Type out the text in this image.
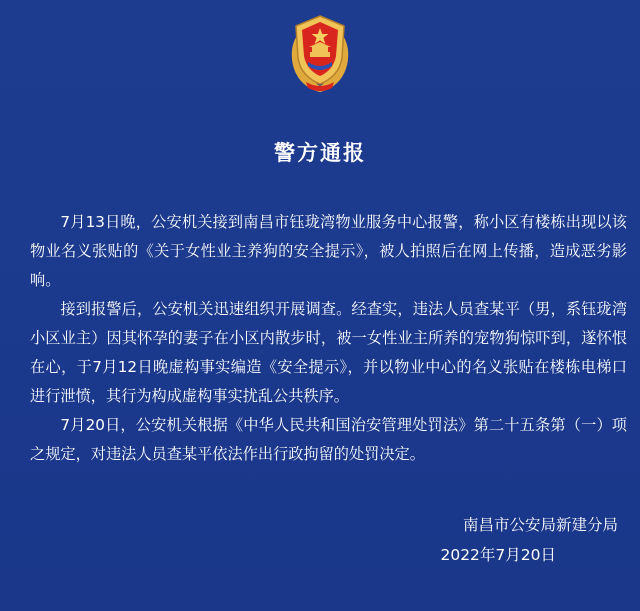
警方通报

7月13日晚，公安机关接到南昌市钰珑湾物业服务中心报警，称小区有楼栋出现以该物业名义张贴的《关于女性业主养狗的安全提示》，被人拍照后在网上传播，造成恶劣影响。

接到报警后，公安机关迅速组织开展调查。经查实，违法人员查某平（男，系钰珑湾小区业主）因其怀孕的妻子在小区内散步时，被一女性业主所养的宠物狗惊吓到，遂怀恨在心，于7月12日晚虚构事实编造《安全提示》，并以物业中心的名义张贴在楼栋电梯口进行泄愤，其行为构成虚构事实扰乱公共秩序。

7月20日，公安机关根据《中华人民共和国治安管理处罚法》第二十五条第（一）项之规定，对违法人员查某平依法作出行政拘留的处罚决定。

南昌市公安局新建分局
2022年7月20日
